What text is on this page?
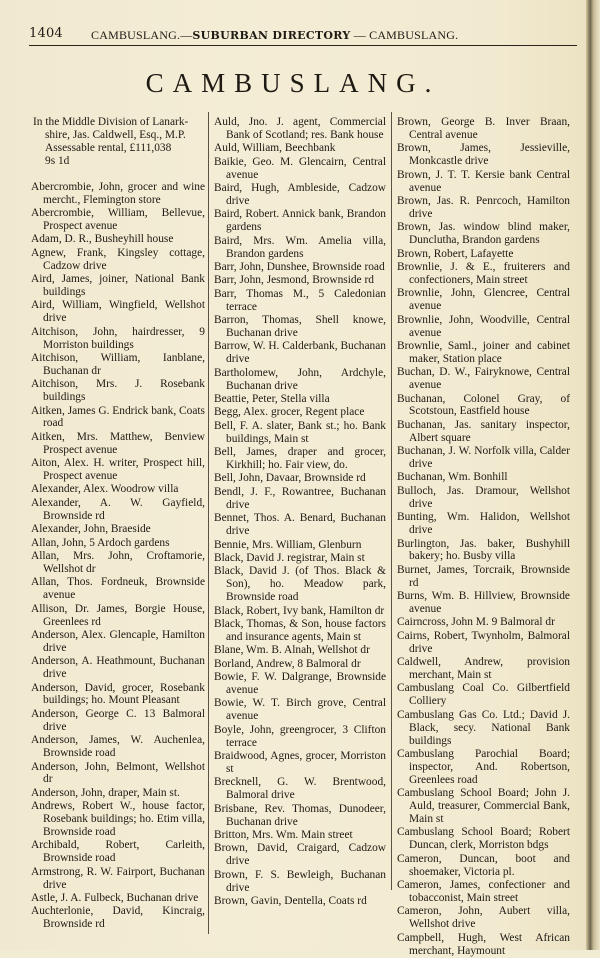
1404 CAMBUSLANG.—SUBURBAN DIRECTORY — CAMBUSLANG.
CAMBUSLANG.
In the Middle Division of Lanark-
shire, Jas. Caldwell, Esq., M.P.
Assessable rental, £111,038
9s 1d
Abercrombie, John, grocer and wine mercht., Flemington store
Abercrombie, William, Bellevue, Prospect avenue
Adam, D. R., Busheyhill house
Agnew, Frank, Kingsley cottage, Cadzow drive
Aird, James, joiner, National Bank buildings
Aird, William, Wingfield, Wellshot drive
Aitchison, John, hairdresser, 9 Morriston buildings
Aitchison, William, Ianblane, Buchanan dr
Aitchison, Mrs. J. Rosebank buildings
Aitken, James G. Endrick bank, Coats road
Aitken, Mrs. Matthew, Benview Prospect avenue
Aiton, Alex. H. writer, Prospect hill, Prospect avenue
Alexander, Alex. Woodrow villa
Alexander, A. W. Gayfield, Brownside rd
Alexander, John, Braeside
Allan, John, 5 Ardoch gardens
Allan, Mrs. John, Croftamorie, Wellshot dr
Allan, Thos. Fordneuk, Brownside avenue
Allison, Dr. James, Borgie House, Greenlees rd
Anderson, Alex. Glencaple, Hamilton drive
Anderson, A. Heathmount, Buchanan drive
Anderson, David, grocer, Rosebank buildings; ho. Mount Pleasant
Anderson, George C. 13 Balmoral drive
Anderson, James, W. Auchenlea, Brownside road
Anderson, John, Belmont, Wellshot dr
Anderson, John, draper, Main st.
Andrews, Robert W., house factor, Rosebank buildings; ho. Etim villa, Brownside road
Archibald, Robert, Carleith, Brownside road
Armstrong, R. W. Fairport, Buchanan drive
Astle, J. A. Fulbeck, Buchanan drive
Auchterlonie, David, Kincraig, Brownside rd
Auld, Jno. J. agent, Commercial Bank of Scotland; res. Bank house
Auld, William, Beechbank
Baikie, Geo. M. Glencairn, Central avenue
Baird, Hugh, Ambleside, Cadzow drive
Baird, Robert. Annick bank, Brandon gardens
Baird, Mrs. Wm. Amelia villa, Brandon gardens
Barr, John, Dunshee, Brownside road
Barr, John, Jesmond, Brownside rd
Barr, Thomas M., 5 Caledonian terrace
Barron, Thomas, Shell knowe, Buchanan drive
Barrow, W. H. Calderbank, Buchanan drive
Bartholomew, John, Ardchyle, Buchanan drive
Beattie, Peter, Stella villa
Begg, Alex. grocer, Regent place
Bell, F. A. slater, Bank st.; ho. Bank buildings, Main st
Bell, James, draper and grocer, Kirkhill; ho. Fair view, do.
Bell, John, Davaar, Brownside rd
Bendl, J. F., Rowantree, Buchanan drive
Bennet, Thos. A. Benard, Buchanan drive
Bennie, Mrs. William, Glenburn
Black, David J. registrar, Main st
Black, David J. (of Thos. Black & Son), ho. Meadow park, Brownside road
Black, Robert, Ivy bank, Hamilton dr
Black, Thomas, & Son, house factors and insurance agents, Main st
Blane, Wm. B. Alnah, Wellshot dr
Borland, Andrew, 8 Balmoral dr
Bowie, F. W. Dalgrange, Brownside avenue
Bowie, W. T. Birch grove, Central avenue
Boyle, John, greengrocer, 3 Clifton terrace
Braidwood, Agnes, grocer, Morriston st
Brecknell, G. W. Brentwood, Balmoral drive
Brisbane, Rev. Thomas, Dunodeer, Buchanan drive
Britton, Mrs. Wm. Main street
Brown, David, Craigard, Cadzow drive
Brown, F. S. Bewleigh, Buchanan drive
Brown, Gavin, Dentella, Coats rd
Brown, George B. Inver Braan, Central avenue
Brown, James, Jessieville, Monkcastle drive
Brown, J. T. T. Kersie bank Central avenue
Brown, Jas. R. Penrcoch, Hamilton drive
Brown, Jas. window blind maker, Dunclutha, Brandon gardens
Brown, Robert, Lafayette
Brownlie, J. & E., fruiterers and confectioners, Main street
Brownlie, John, Glencree, Central avenue
Brownlie, John, Woodville, Central avenue
Brownlie, Saml., joiner and cabinet maker, Station place
Buchan, D. W., Fairyknowe, Central avenue
Buchanan, Colonel Gray, of Scotstoun, Eastfield house
Buchanan, Jas. sanitary inspector, Albert square
Buchanan, J. W. Norfolk villa, Calder drive
Buchanan, Wm. Bonhill
Bulloch, Jas. Dramour, Wellshot drive
Bunting, Wm. Halidon, Wellshot drive
Burlington, Jas. baker, Bushyhill bakery; ho. Busby villa
Burnet, James, Torcraik, Brownside rd
Burns, Wm. B. Hillview, Brownside avenue
Cairncross, John M. 9 Balmoral dr
Cairns, Robert, Twynholm, Balmoral drive
Caldwell, Andrew, provision merchant, Main st
Cambuslang Coal Co. Gilbertfield Colliery
Cambuslang Gas Co. Ltd.; David J. Black, secy. National Bank buildings
Cambuslang Parochial Board; inspector, And. Robertson, Greenlees road
Cambuslang School Board; John J. Auld, treasurer, Commercial Bank, Main st
Cambuslang School Board; Robert Duncan, clerk, Morriston bdgs
Cameron, Duncan, boot and shoemaker, Victoria pl.
Cameron, James, confectioner and tobacconist, Main street
Cameron, John, Aubert villa, Wellshot drive
Campbell, Hugh, West African merchant, Haymount
